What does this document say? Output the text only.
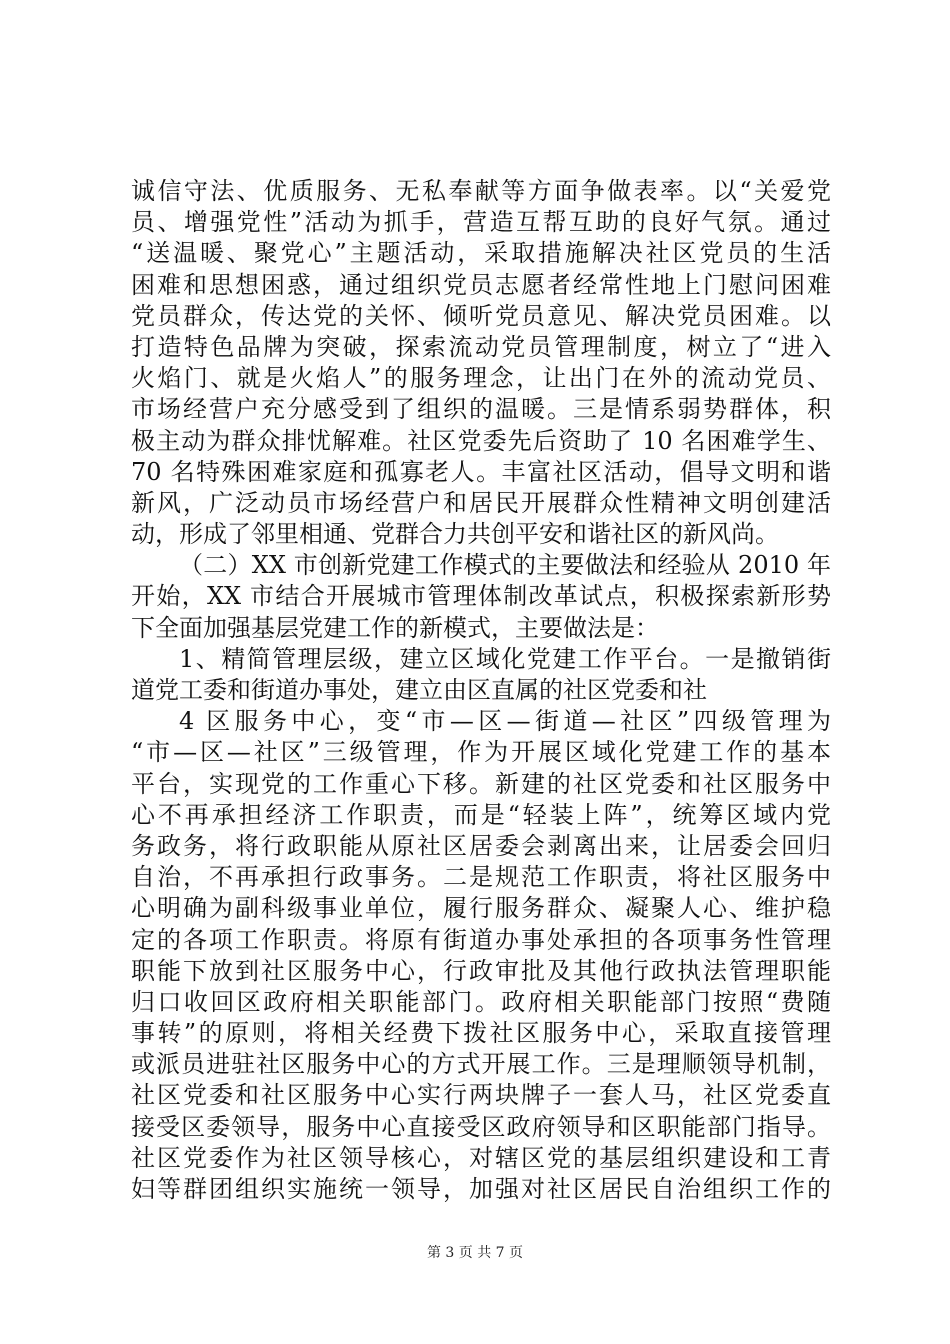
诚信守法、优质服务、无私奉献等方面争做表率。以“关爱党
员、增强党性”活动为抓手，营造互帮互助的良好气氛。通过
“送温暖、聚党心”主题活动，采取措施解决社区党员的生活
困难和思想困惑，通过组织党员志愿者经常性地上门慰问困难
党员群众，传达党的关怀、倾听党员意见、解决党员困难。以
打造特色品牌为突破，探索流动党员管理制度，树立了“进入
火焰门、就是火焰人”的服务理念，让出门在外的流动党员、
市场经营户充分感受到了组织的温暖。三是情系弱势群体，积
极主动为群众排忧解难。社区党委先后资助了 10 名困难学生、
70 名特殊困难家庭和孤寡老人。丰富社区活动，倡导文明和谐
新风，广泛动员市场经营户和居民开展群众性精神文明创建活
动，形成了邻里相通、党群合力共创平安和谐社区的新风尚。
（二）XX 市创新党建工作模式的主要做法和经验从 2010 年
开始，XX 市结合开展城市管理体制改革试点，积极探索新形势
下全面加强基层党建工作的新模式，主要做法是：
1、精简管理层级，建立区域化党建工作平台。一是撤销街
道党工委和街道办事处，建立由区直属的社区党委和社
4 区服务中心，变“市—区—街道—社区”四级管理为
“市—区—社区”三级管理，作为开展区域化党建工作的基本
平台，实现党的工作重心下移。新建的社区党委和社区服务中
心不再承担经济工作职责，而是“轻装上阵”，统筹区域内党
务政务，将行政职能从原社区居委会剥离出来，让居委会回归
自治，不再承担行政事务。二是规范工作职责，将社区服务中
心明确为副科级事业单位，履行服务群众、凝聚人心、维护稳
定的各项工作职责。将原有街道办事处承担的各项事务性管理
职能下放到社区服务中心，行政审批及其他行政执法管理职能
归口收回区政府相关职能部门。政府相关职能部门按照“费随
事转”的原则，将相关经费下拨社区服务中心，采取直接管理
或派员进驻社区服务中心的方式开展工作。三是理顺领导机制，
社区党委和社区服务中心实行两块牌子一套人马，社区党委直
接受区委领导，服务中心直接受区政府领导和区职能部门指导。
社区党委作为社区领导核心，对辖区党的基层组织建设和工青
妇等群团组织实施统一领导，加强对社区居民自治组织工作的
第 3 页 共 7 页
